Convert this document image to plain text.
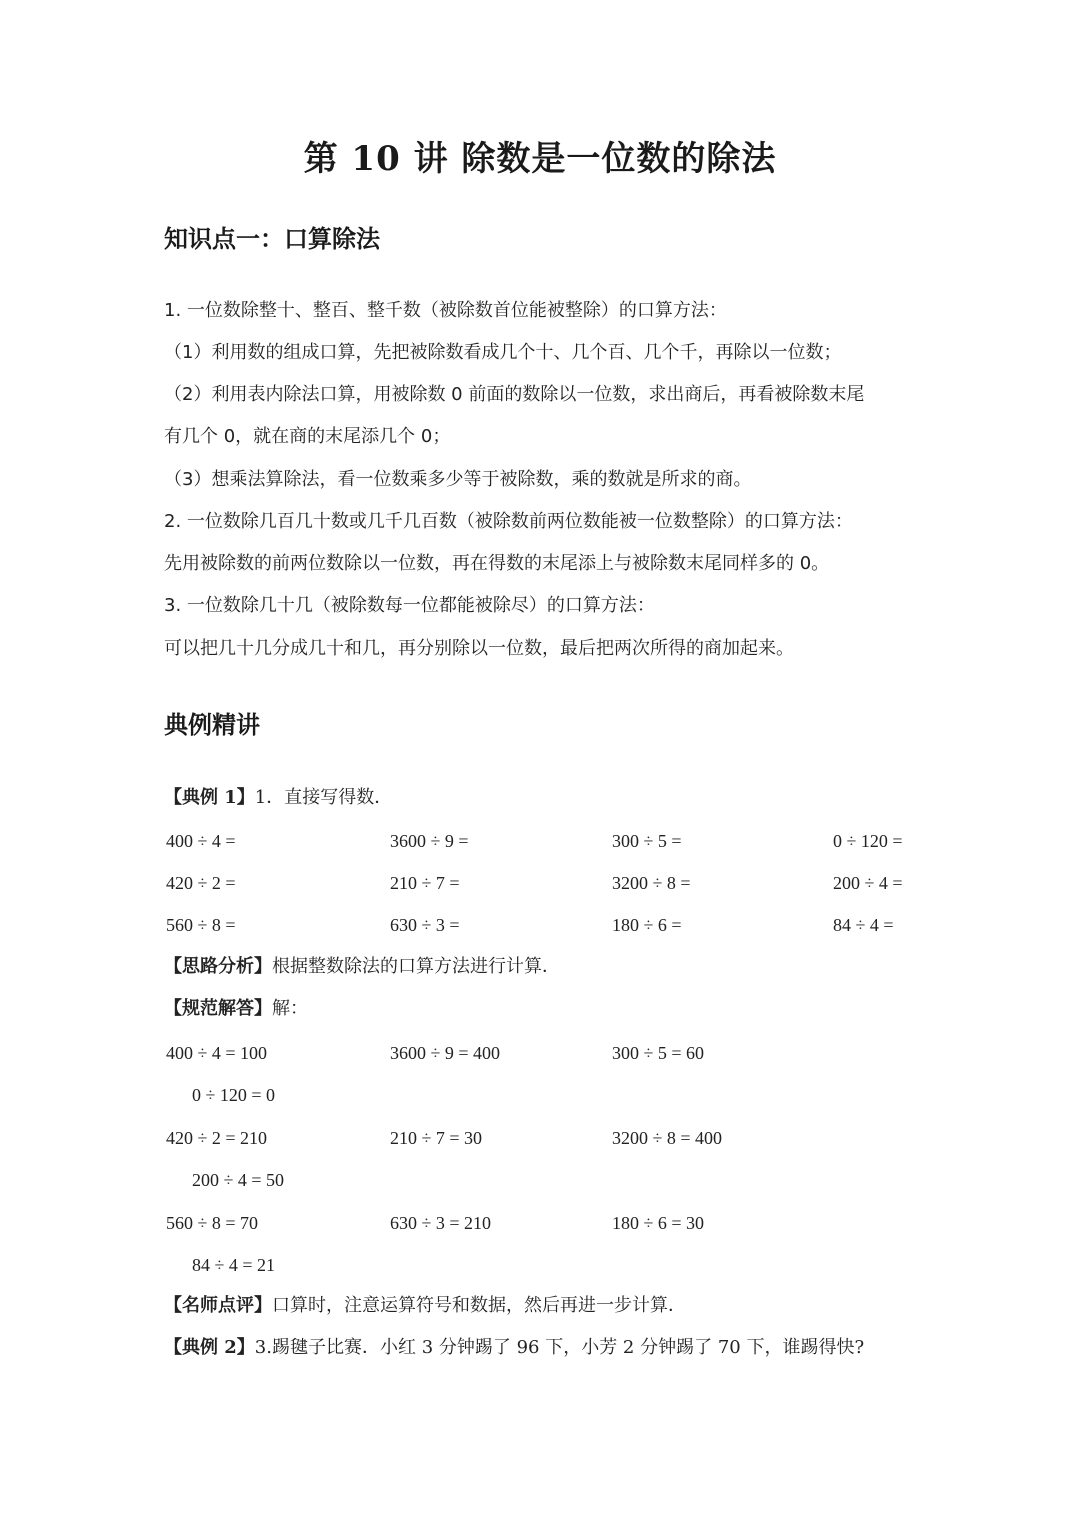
第 10 讲 除数是一位数的除法
知识点一：口算除法
1. 一位数除整十、整百、整千数（被除数首位能被整除）的口算方法：
（1）利用数的组成口算，先把被除数看成几个十、几个百、几个千，再除以一位数；
（2）利用表内除法口算，用被除数 0 前面的数除以一位数，求出商后，再看被除数末尾
有几个 0，就在商的末尾添几个 0；
（3）想乘法算除法，看一位数乘多少等于被除数，乘的数就是所求的商。
2. 一位数除几百几十数或几千几百数（被除数前两位数能被一位数整除）的口算方法：
先用被除数的前两位数除以一位数，再在得数的末尾添上与被除数末尾同样多的 0。
3. 一位数除几十几（被除数每一位都能被除尽）的口算方法：
可以把几十几分成几十和几，再分别除以一位数，最后把两次所得的商加起来。
典例精讲
【典例 1】1．直接写得数．
400 ÷ 4 =	3600 ÷ 9 =	300 ÷ 5 =	0 ÷ 120 =
420 ÷ 2 =	210 ÷ 7 =	3200 ÷ 8 =	200 ÷ 4 =
560 ÷ 8 =	630 ÷ 3 =	180 ÷ 6 =	84 ÷ 4 =
【思路分析】根据整数除法的口算方法进行计算．
【规范解答】解：
400 ÷ 4 = 100	3600 ÷ 9 = 400	300 ÷ 5 = 60
0 ÷ 120 = 0
420 ÷ 2 = 210	210 ÷ 7 = 30	3200 ÷ 8 = 400
200 ÷ 4 = 50
560 ÷ 8 = 70	630 ÷ 3 = 210	180 ÷ 6 = 30
84 ÷ 4 = 21
【名师点评】口算时，注意运算符号和数据，然后再进一步计算．
【典例 2】3.踢毽子比赛．小红 3 分钟踢了 96 下，小芳 2 分钟踢了 70 下，谁踢得快?
